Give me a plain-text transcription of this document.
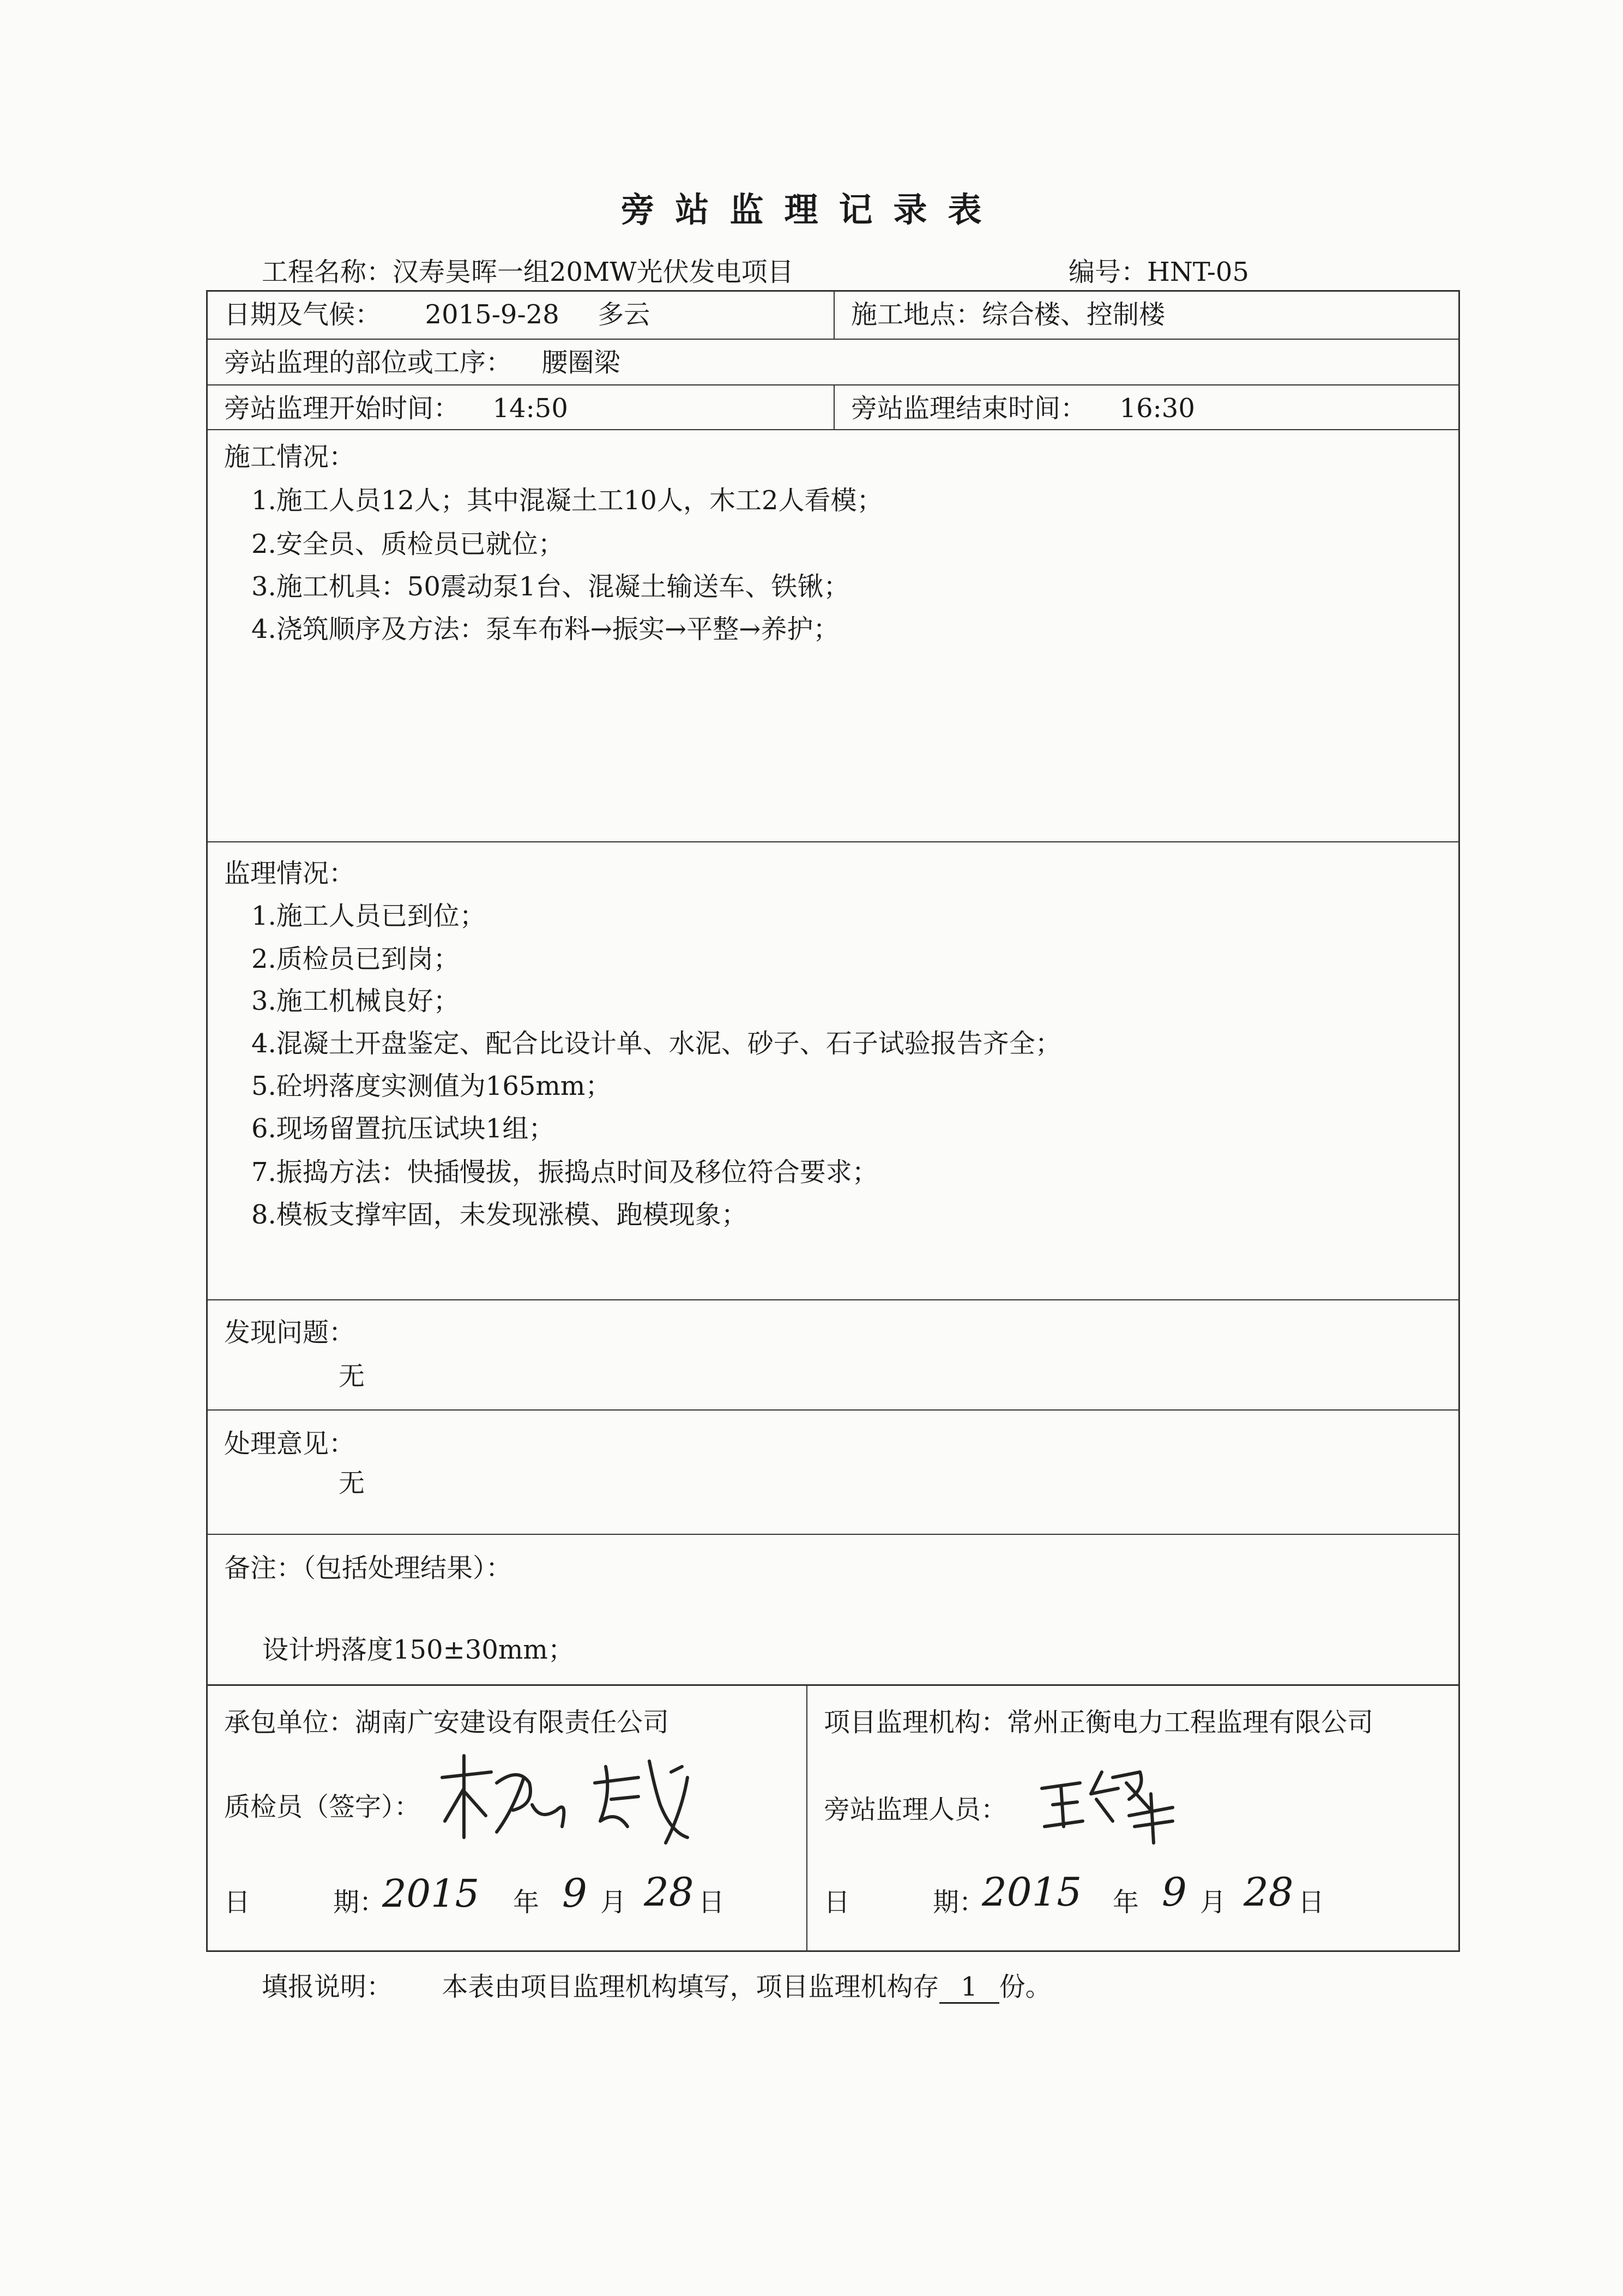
旁站监理记录表
工程名称：汉寿昊晖一组20MW光伏发电项目	编号：HNT-05
日期及气候： 2015-9-28 多云	施工地点：综合楼、控制楼
旁站监理的部位或工序： 腰圈梁
旁站监理开始时间： 14:50	旁站监理结束时间： 16:30
施工情况：
1.施工人员12人；其中混凝土工10人，木工2人看模；
2.安全员、质检员已就位；
3.施工机具：50震动泵1台、混凝土输送车、铁锹；
4.浇筑顺序及方法：泵车布料→振实→平整→养护；
监理情况：
1.施工人员已到位；
2.质检员已到岗；
3.施工机械良好；
4.混凝土开盘鉴定、配合比设计单、水泥、砂子、石子试验报告齐全；
5.砼坍落度实测值为165mm；
6.现场留置抗压试块1组；
7.振捣方法：快插慢拔，振捣点时间及移位符合要求；
8.模板支撑牢固，未发现涨模、跑模现象；
发现问题：
无
处理意见：
无
备注：（包括处理结果）：
设计坍落度150±30mm；
承包单位：湖南广安建设有限责任公司
质检员（签字）：
日	期：
2015 年 9 月 28 日
项目监理机构：常州正衡电力工程监理有限公司
旁站监理人员：
日	期：
2015 年 9 月 28 日
填报说明： 本表由项目监理机构填写，项目监理机构存 1 份。
